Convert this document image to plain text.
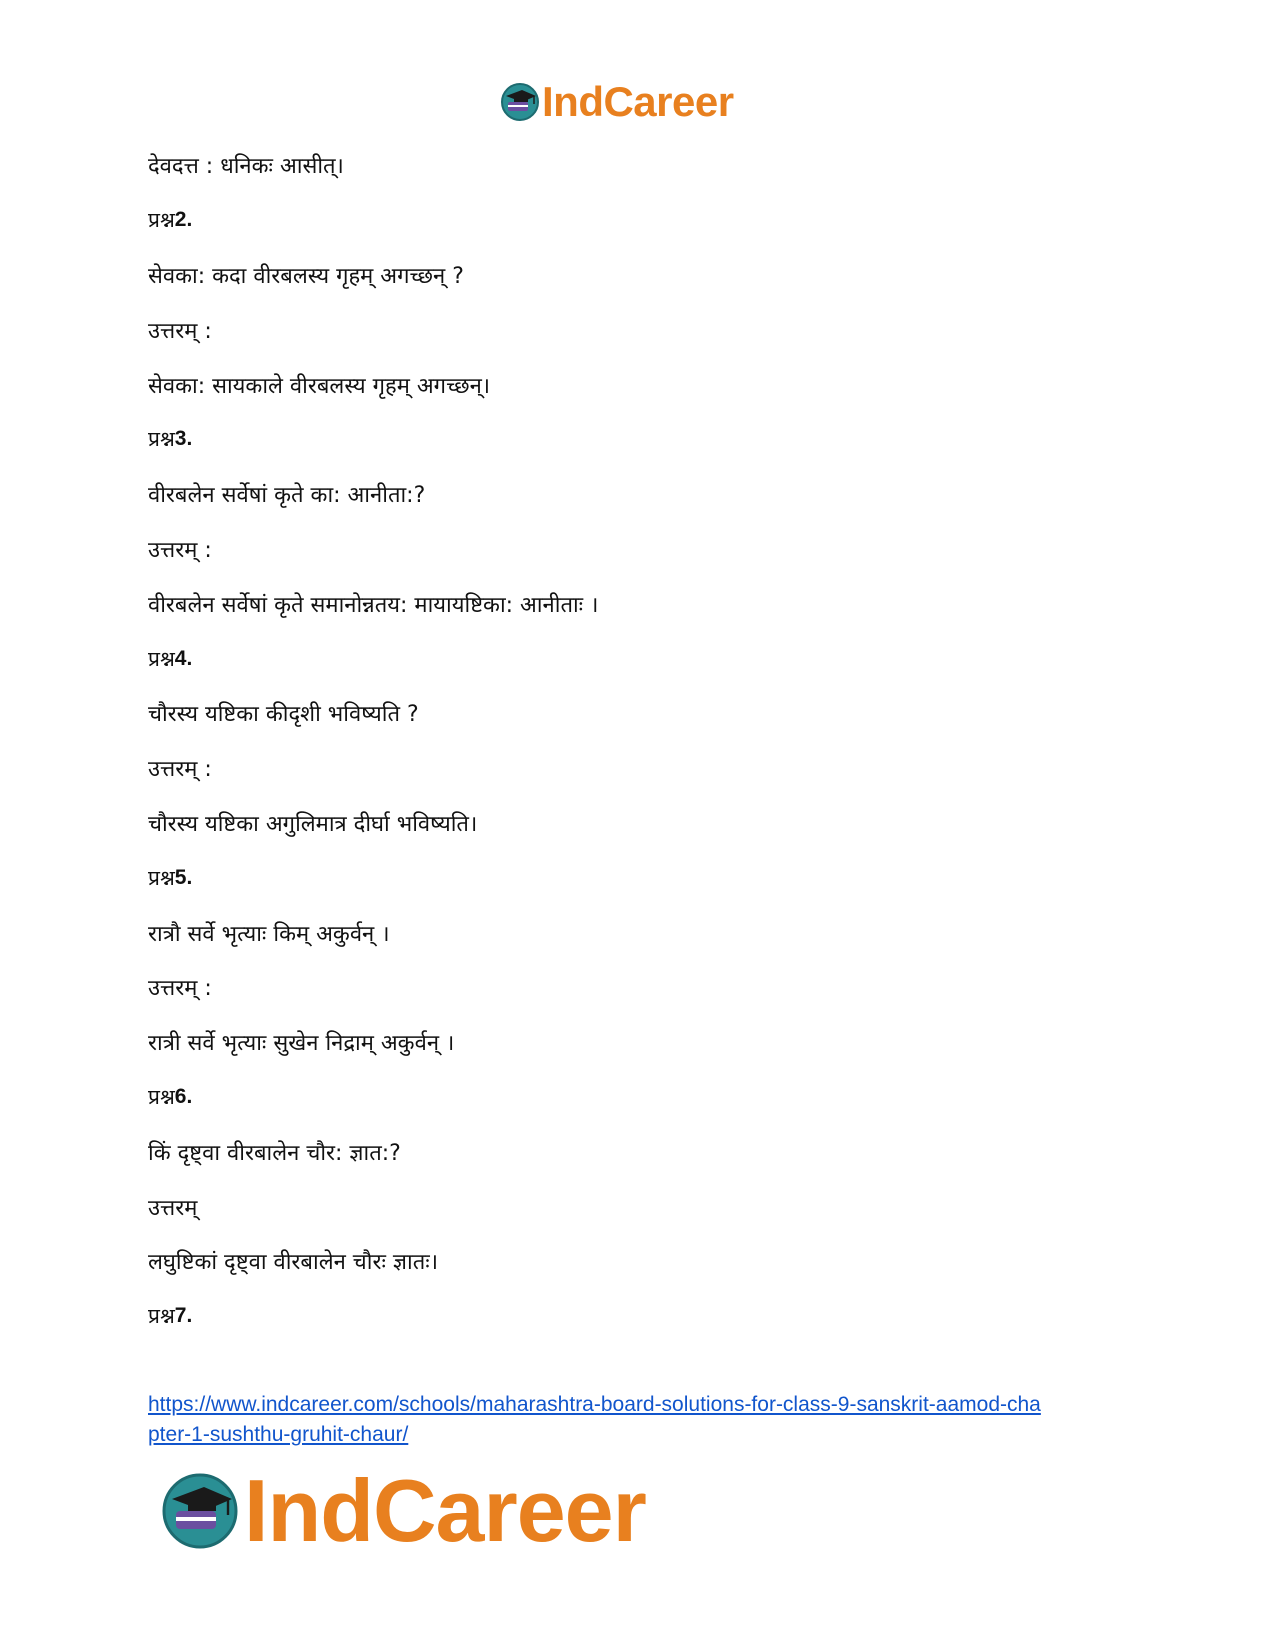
IndCareer
देवदत्त : धनिकः आसीत्।
प्रश्न 2.
सेवका: कदा वीरबलस्य गृहम् अगच्छन् ?
उत्तरम् :
सेवका: सायकाले वीरबलस्य गृहम् अगच्छन्।
प्रश्न 3.
वीरबलेन सर्वेषां कृते का: आनीता:?
उत्तरम् :
वीरबलेन सर्वेषां कृते समानोन्नतय: मायायष्टिका: आनीताः ।
प्रश्न 4.
चौरस्य यष्टिका कीदृशी भविष्यति ?
उत्तरम् :
चौरस्य यष्टिका अगुलिमात्र दीर्घा भविष्यति।
प्रश्न 5.
रात्रौ सर्वे भृत्याः किम् अकुर्वन् ।
उत्तरम् :
रात्री सर्वे भृत्याः सुखेन निद्राम् अकुर्वन् ।
प्रश्न 6.
किं दृष्ट्वा वीरबालेन चौर: ज्ञात:?
उत्तरम्
लघुष्टिकां दृष्ट्वा वीरबालेन चौरः ज्ञातः।
प्रश्न 7.
https://www.indcareer.com/schools/maharashtra-board-solutions-for-class-9-sanskrit-aamod-cha
pter-1-sushthu-gruhit-chaur/
IndCareer
